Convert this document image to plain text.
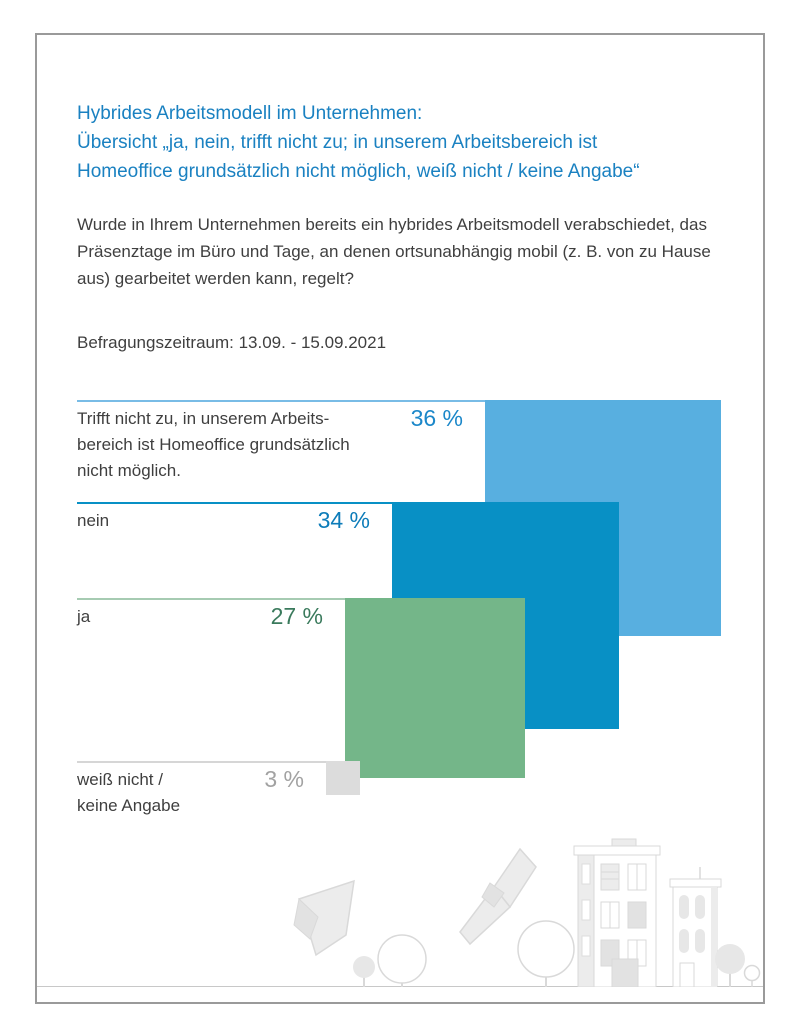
Hybrides Arbeitsmodell im Unternehmen:
Übersicht „ja, nein, trifft nicht zu; in unserem Arbeitsbereich ist
Homeoffice grundsätzlich nicht möglich, weiß nicht / keine Angabe“
Wurde in Ihrem Unternehmen bereits ein hybrides Arbeitsmodell verabschiedet, das
Präsenztage im Büro und Tage, an denen ortsunabhängig mobil (z. B. von zu Hause
aus) gearbeitet werden kann, regelt?
Befragungszeitraum: 13.09. - 15.09.2021
Trifft nicht zu, in unserem Arbeits-
bereich ist Homeoffice grundsätzlich
nicht möglich.
36 %
nein	34 %
ja	27 %
weiß nicht /
keine Angabe
3 %
